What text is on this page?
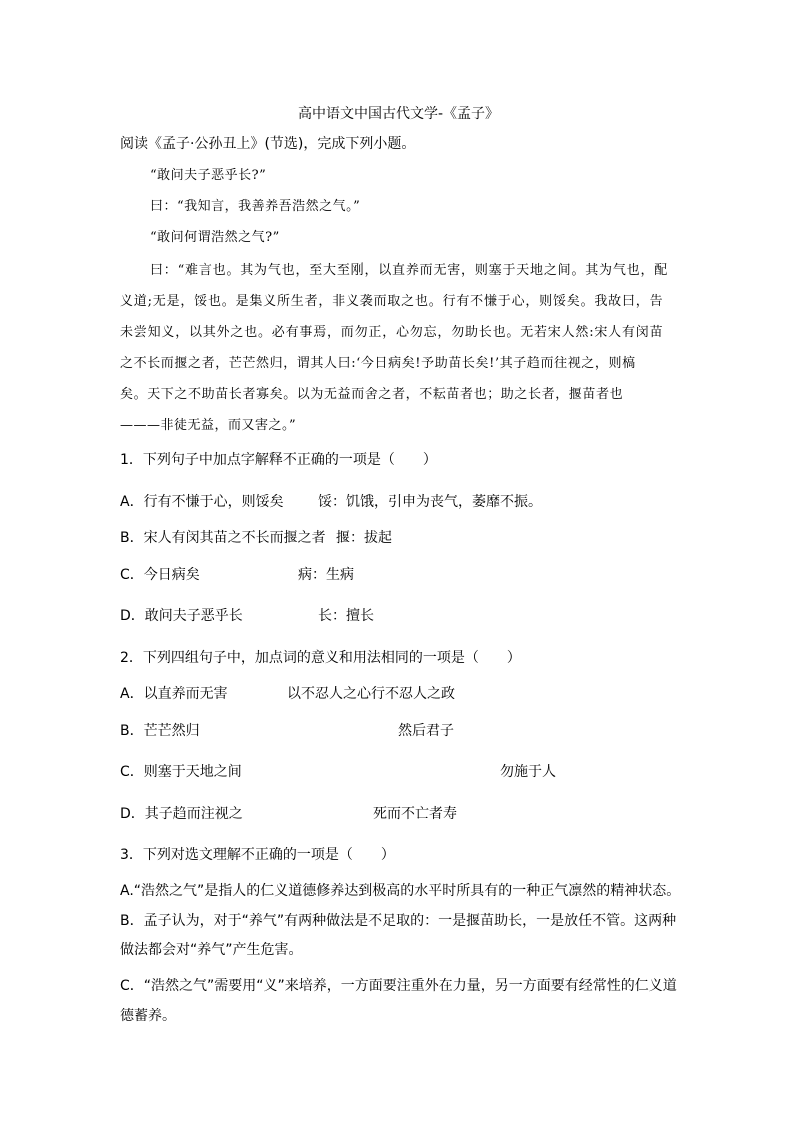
高中语文中国古代文学-《孟子》
阅读《孟子·公孙丑上》(节选)，完成下列小题。
“敢问夫子恶乎长?”
曰：“我知言，我善养吾浩然之气。”
“敢问何谓浩然之气?”
曰：“难言也。其为气也，至大至刚，以直养而无害，则塞于天地之间。其为气也，配
义道;无是，馁也。是集义所生者，非义袭而取之也。行有不慊于心，则馁矣。我故曰，告
未尝知义，以其外之也。必有事焉，而勿正，心勿忘，勿助长也。无若宋人然:宋人有闵苗
之不长而揠之者，芒芒然归，谓其人曰:‘今日病矣!予助苗长矣!’其子趋而往视之，则槁
矣。天下之不助苗长者寡矣。以为无益而舍之者，不耘苗者也；助之长者，揠苗者也
———非徒无益，而又害之。”
1．下列句子中加点字解释不正确的一项是（　　）
A．行有不慊于心，则馁矣 馁：饥饿，引申为丧气，萎靡不振。
B．宋人有闵其苗之不长而揠之者 揠：拔起
C．今日病矣	病：生病
D．敢问夫子恶乎长	长：擅长
2．下列四组句子中，加点词的意义和用法相同的一项是（　　）
A．以直养而无害	以不忍人之心行不忍人之政
B．芒芒然归	然后君子
C．则塞于天地之间	勿施于人
D．其子趋而注视之	死而不亡者寿
3．下列对选文理解不正确的一项是（　　）
A.“浩然之气”是指人的仁义道德修养达到极高的水平时所具有的一种正气凛然的精神状态。
B．孟子认为，对于“养气”有两种做法是不足取的：一是揠苗助长，一是放任不管。这两种
做法都会对“养气”产生危害。
C．“浩然之气”需要用“义”来培养，一方面要注重外在力量，另一方面要有经常性的仁义道
德蓄养。
